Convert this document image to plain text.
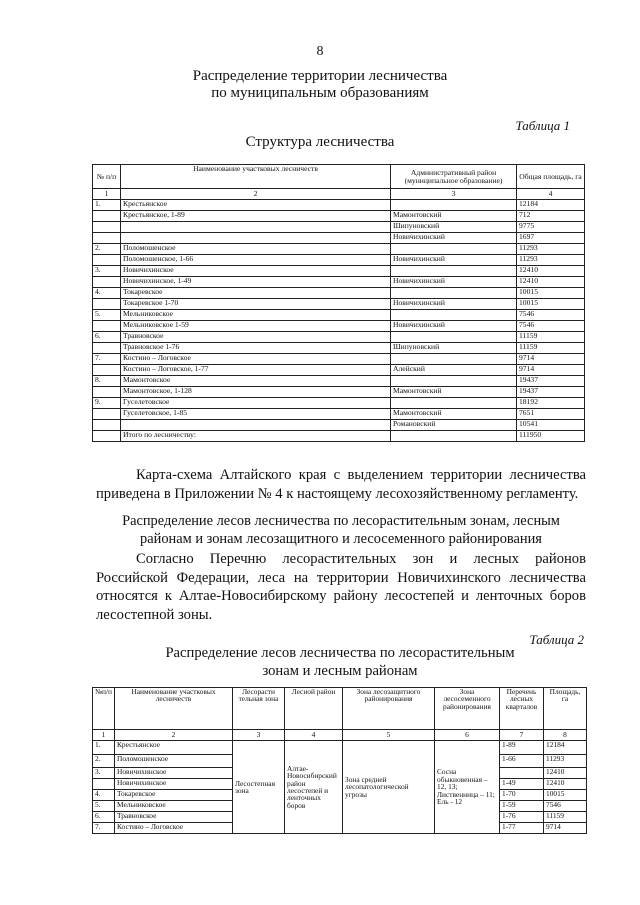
8
Распределение территории лесничества
по муниципальным образованиям
Таблица 1
Структура лесничества
№ п/п	Наименование участковых лесничеств	Административный район (муниципальное образование)	Общая площадь, га
1	2	3	4
1.	Крестьянское		12184
	Крестьянское, 1-89	Мамонтовский	712
		Шипуновский	9775
		Новичихинский	1697
2.	Поломошенское		11293
	Поломошенское, 1-66	Новичихинский	11293
3.	Новичихинское		12410
	Новичихинское, 1-49	Новичихинский	12410
4.	Токаревское		10015
	Токаревское 1-70	Новичихинский	10015
5.	Мельниковское		7546
	Мельниковское 1-59	Новичихинский	7546
6.	Травновское		11159
	Травновское 1-76	Шипуновский	11159
7.	Костино – Логовское		9714
	Костино – Логовское, 1-77	Алейский	9714
8.	Мамонтовское		19437
	Мамонтовское, 1-128	Мамонтовский	19437
9.	Гуселетовское		18192
	Гуселетовское, 1-85	Мамонтовский	7651
		Романовский	10541
	Итого по лесничеству:		111950
Карта-схема Алтайского края с выделением территории лесничества приведена в Приложении № 4 к настоящему лесохозяйственному регламенту.
Распределение лесов лесничества по лесорастительным зонам, лесным
районам и зонам лесозащитного и лесосеменного районирования
Согласно Перечню лесорастительных зон и лесных районов Российской Федерации, леса на территории Новичихинского лесничества относятся к Алтае-Новосибирскому району лесостепей и ленточных боров лесостепной зоны.
Таблица 2
Распределение лесов лесничества по лесорастительным
зонам и лесным районам
№п/п	Наименование участковых лесничеств	Лесорасти тельная зона	Лесной район	Зона лесозащитного районирования	Зона лесосеменного районирования	Перечень лесных кварталов	Площадь, га
1	2	3	4	5	6	7	8
1.	Крестьянское	Лесостепная зона	Алтае-Новосибирский район лесостепей и ленточных боров	Зона средней лесопатологической угрозы	Сосна обыкновенная – 12, 13; Лиственница – 11; Ель - 12	1-89	12184
2.	Поломошенское					1-66	11293
3.	Новичихинское						12410
	Новичихинское					1-49	12410
4.	Токаревское					1-70	10015
5.	Мельниковское					1-59	7546
6.	Травновское					1-76	11159
7.	Костино – Логовское					1-77	9714
